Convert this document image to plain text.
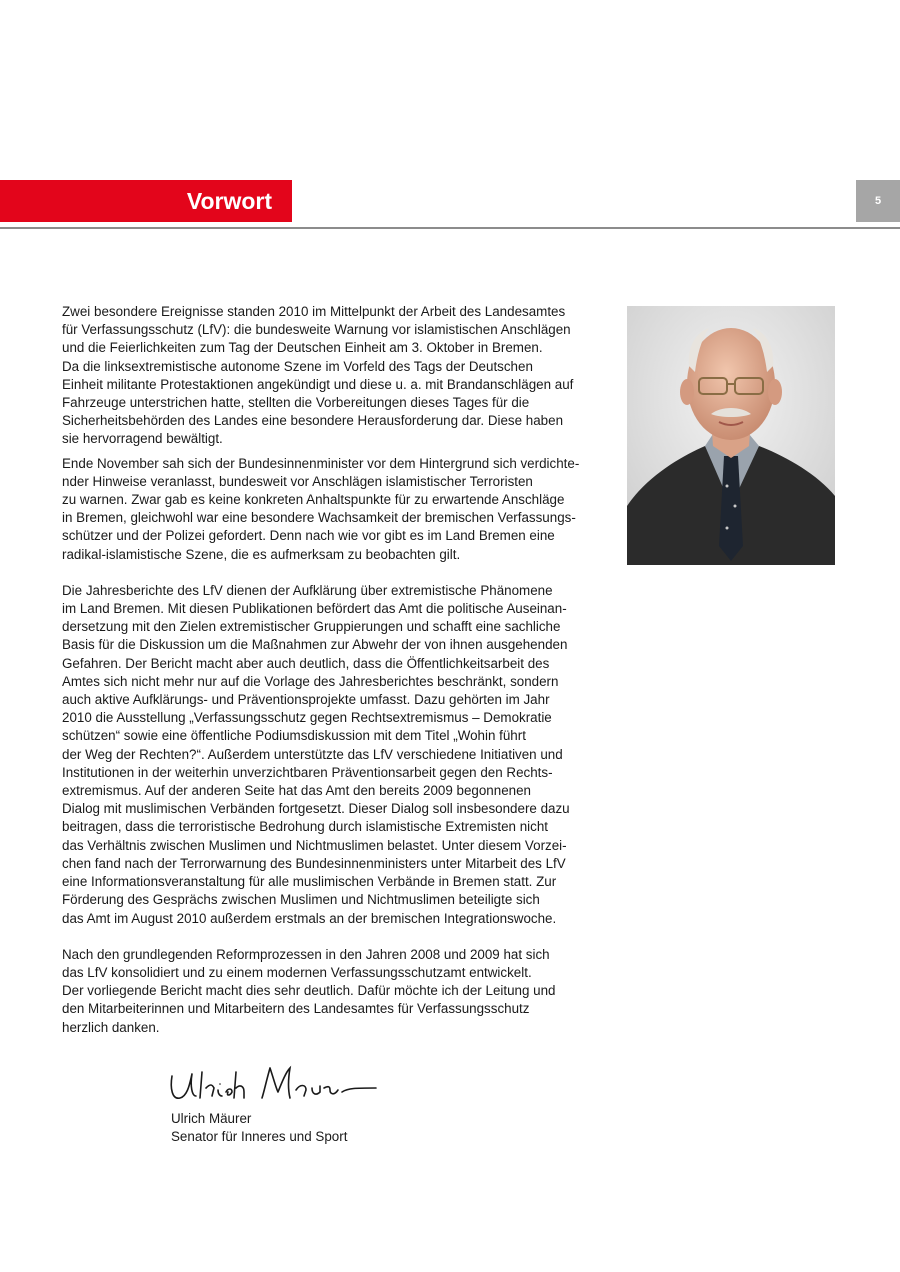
Vorwort	5
Zwei besondere Ereignisse standen 2010 im Mittelpunkt der Arbeit des Landesamtes
für Verfassungsschutz (LfV): die bundesweite Warnung vor islamistischen Anschlägen
und die Feierlichkeiten zum Tag der Deutschen Einheit am 3. Oktober in Bremen.
Da die linksextremistische autonome Szene im Vorfeld des Tags der Deutschen
Einheit militante Protestaktionen angekündigt und diese u. a. mit Brandanschlägen auf
Fahrzeuge unterstrichen hatte, stellten die Vorbereitungen dieses Tages für die
Sicherheitsbehörden des Landes eine besondere Herausforderung dar. Diese haben
sie hervorragend bewältigt.
Ende November sah sich der Bundesinnenminister vor dem Hintergrund sich verdichte-
nder Hinweise veranlasst, bundesweit vor Anschlägen islamistischer Terroristen
zu warnen. Zwar gab es keine konkreten Anhaltspunkte für zu erwartende Anschläge
in Bremen, gleichwohl war eine besondere Wachsamkeit der bremischen Verfassungs-
schützer und der Polizei gefordert. Denn nach wie vor gibt es im Land Bremen eine
radikal-islamistische Szene, die es aufmerksam zu beobachten gilt.
Die Jahresberichte des LfV dienen der Aufklärung über extremistische Phänomene
im Land Bremen. Mit diesen Publikationen befördert das Amt die politische Auseinan-
dersetzung mit den Zielen extremistischer Gruppierungen und schafft eine sachliche
Basis für die Diskussion um die Maßnahmen zur Abwehr der von ihnen ausgehenden
Gefahren. Der Bericht macht aber auch deutlich, dass die Öffentlichkeitsarbeit des
Amtes sich nicht mehr nur auf die Vorlage des Jahresberichtes beschränkt, sondern
auch aktive Aufklärungs- und Präventionsprojekte umfasst. Dazu gehörten im Jahr
2010 die Ausstellung „Verfassungsschutz gegen Rechtsextremismus – Demokratie
schützen“ sowie eine öffentliche Podiumsdiskussion mit dem Titel „Wohin führt
der Weg der Rechten?“. Außerdem unterstützte das LfV verschiedene Initiativen und
Institutionen in der weiterhin unverzichtbaren Präventionsarbeit gegen den Rechts-
extremismus. Auf der anderen Seite hat das Amt den bereits 2009 begonnenen
Dialog mit muslimischen Verbänden fortgesetzt. Dieser Dialog soll insbesondere dazu
beitragen, dass die terroristische Bedrohung durch islamistische Extremisten nicht
das Verhältnis zwischen Muslimen und Nichtmuslimen belastet. Unter diesem Vorzei-
chen fand nach der Terrorwarnung des Bundesinnenministers unter Mitarbeit des LfV
eine Informationsveranstaltung für alle muslimischen Verbände in Bremen statt. Zur
Förderung des Gesprächs zwischen Muslimen und Nichtmuslimen beteiligte sich
das Amt im August 2010 außerdem erstmals an der bremischen Integrationswoche.
Nach den grundlegenden Reformprozessen in den Jahren 2008 und 2009 hat sich
das LfV konsolidiert und zu einem modernen Verfassungsschutzamt entwickelt.
Der vorliegende Bericht macht dies sehr deutlich. Dafür möchte ich der Leitung und
den Mitarbeiterinnen und Mitarbeitern des Landesamtes für Verfassungsschutz
herzlich danken.
Ulrich Mäurer
Senator für Inneres und Sport
